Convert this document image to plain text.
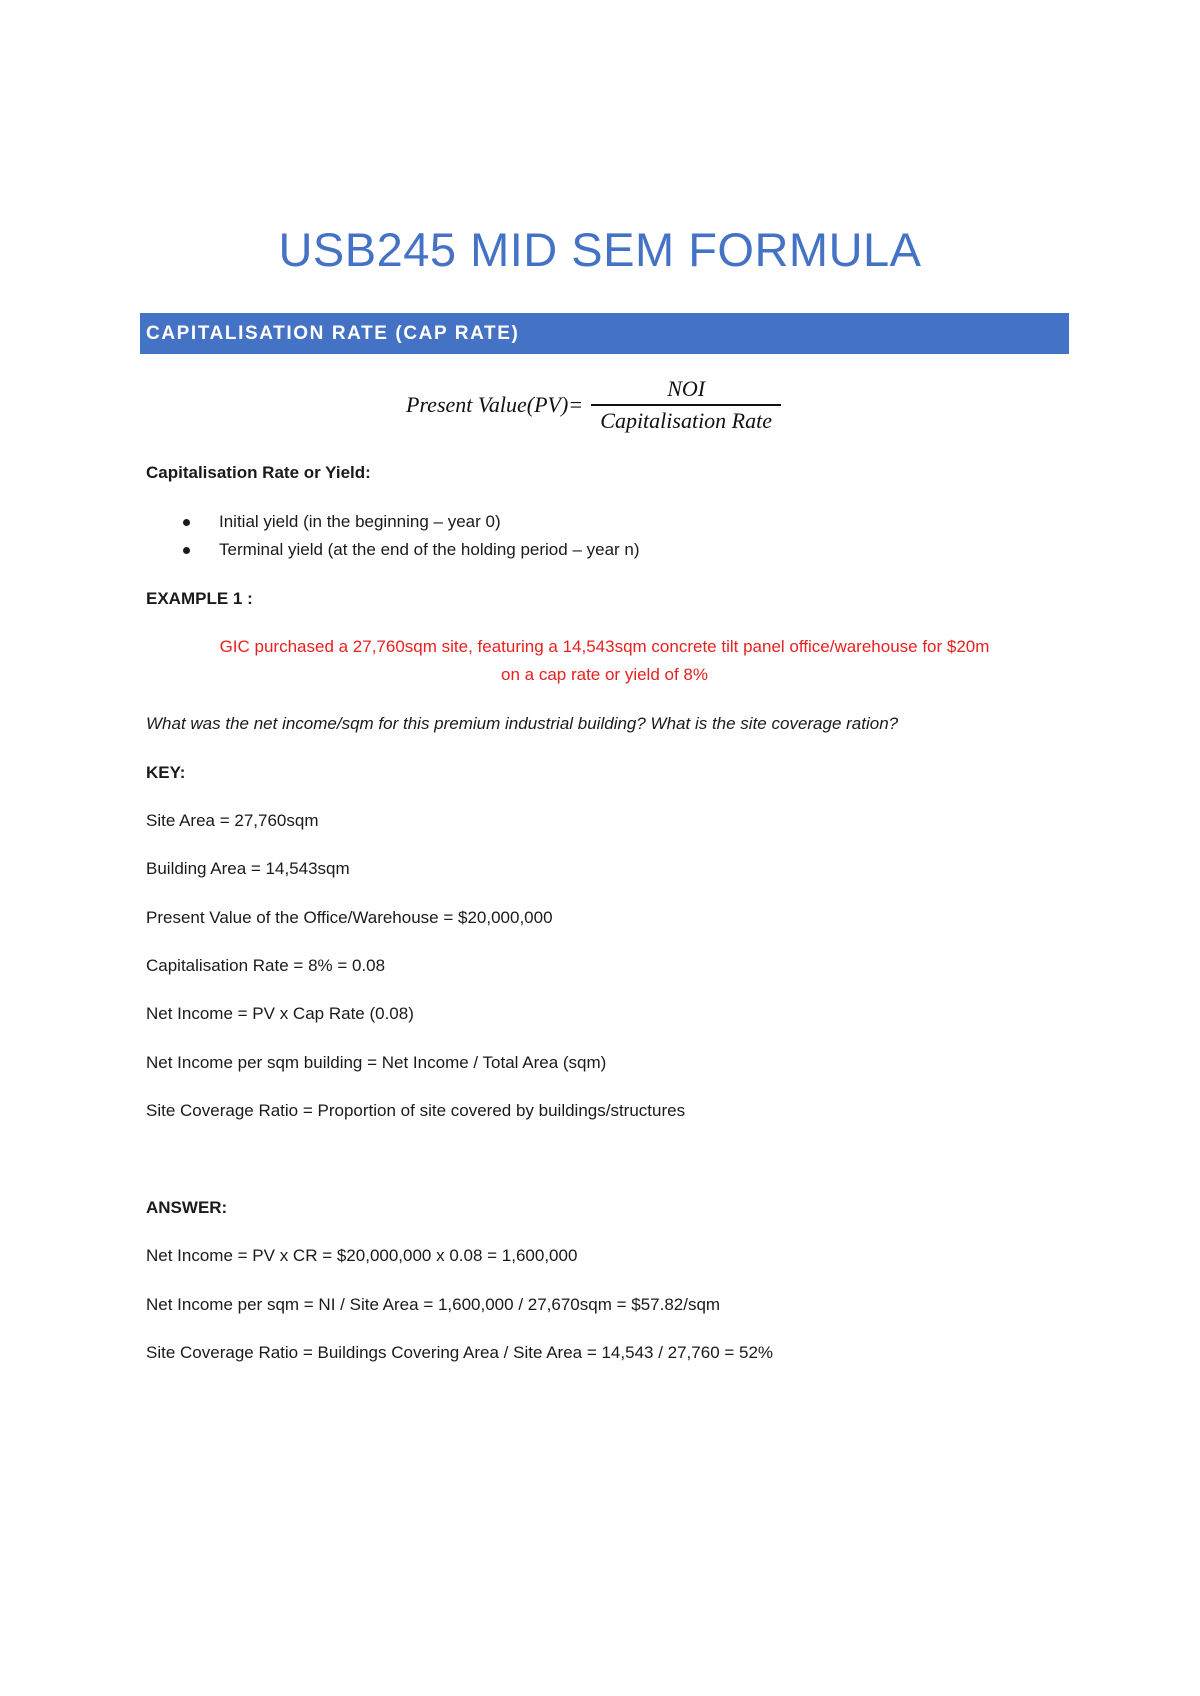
USB245 MID SEM FORMULA
CAPITALISATION RATE (CAP RATE)
Present Value(PV)= $\frac{\text{NOI}}{\text{Capitalisation Rate}}$
Capitalisation Rate or Yield:
Initial yield (in the beginning – year 0)
Terminal yield (at the end of the holding period – year n)
EXAMPLE 1 :
GIC purchased a 27,760sqm site, featuring a 14,543sqm concrete tilt panel office/warehouse for $20m
on a cap rate or yield of 8%
What was the net income/sqm for this premium industrial building? What is the site coverage ration?
KEY:
Site Area = 27,760sqm
Building Area = 14,543sqm
Present Value of the Office/Warehouse = $20,000,000
Capitalisation Rate = 8% = 0.08
Net Income = PV x Cap Rate (0.08)
Net Income per sqm building = Net Income / Total Area (sqm)
Site Coverage Ratio = Proportion of site covered by buildings/structures
ANSWER:
Net Income = PV x CR = $20,000,000 x 0.08 = 1,600,000
Net Income per sqm = NI / Site Area = 1,600,000 / 27,670sqm = $57.82/sqm
Site Coverage Ratio = Buildings Covering Area / Site Area = 14,543 / 27,760 = 52%
